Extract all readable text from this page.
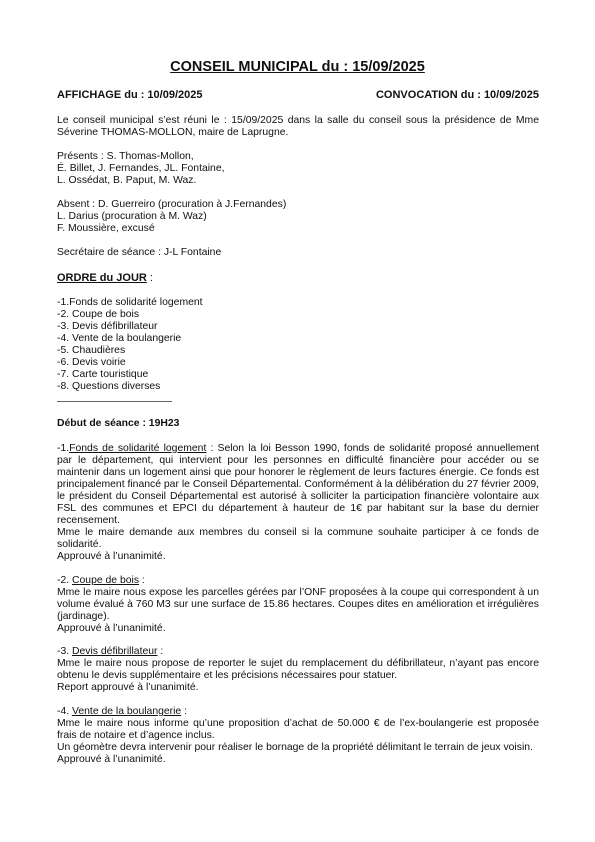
CONSEIL MUNICIPAL du : 15/09/2025
AFFICHAGE du : 10/09/2025	CONVOCATION du : 10/09/2025

Le conseil municipal s’est réuni le : 15/09/2025 dans la salle du conseil sous la présidence de Mme Séverine THOMAS-MOLLON, maire de Laprugne.

Présents : S. Thomas-Mollon,
É. Billet, J. Fernandes, JL. Fontaine,
L. Ossédat, B. Paput, M. Waz.
Absent : D. Guerreiro (procuration à J.Fernandes)
L. Darius (procuration à M. Waz)
F. Moussière, excusé
Secrétaire de séance : J-L Fontaine
ORDRE du JOUR :
-1.Fonds de solidarité logement
-2. Coupe de bois
-3. Devis défibrillateur
-4. Vente de la boulangerie
-5. Chaudières
-6. Devis voirie
-7. Carte touristique
-8. Questions diverses
Début de séance : 19H23

-1.Fonds de solidarité logement : Selon la loi Besson 1990, fonds de solidarité proposé annuellement par le département, qui intervient pour les personnes en difficulté financière pour accéder ou se maintenir dans un logement ainsi que pour honorer le règlement de leurs factures énergie. Ce fonds est principalement financé par le Conseil Départemental. Conformément à la délibération du 27 février 2009, le président du Conseil Départemental est autorisé à solliciter la participation financière volontaire aux FSL des communes et EPCI du département à hauteur de 1€ par habitant sur la base du dernier recensement.

Mme le maire demande aux membres du conseil si la commune souhaite participer à ce fonds de solidarité.

Approuvé à l’unanimité.

-2. Coupe de bois :

Mme le maire nous expose les parcelles gérées par l’ONF proposées à la coupe qui correspondent à un volume évalué à 760 M3 sur une surface de 15.86 hectares. Coupes dites en amélioration et irrégulières (jardinage).

Approuvé à l’unanimité.

-3. Devis défibrillateur :

Mme le maire nous propose de reporter le sujet du remplacement du défibrillateur, n’ayant pas encore obtenu le devis supplémentaire et les précisions nécessaires pour statuer.

Report approuvé à l’unanimité.

-4. Vente de la boulangerie :

Mme le maire nous informe qu’une proposition d’achat de 50.000 € de l’ex-boulangerie est proposée frais de notaire et d’agence inclus.

Un géomètre devra intervenir pour réaliser le bornage de la propriété délimitant le terrain de jeux voisin.

Approuvé à l’unanimité.
